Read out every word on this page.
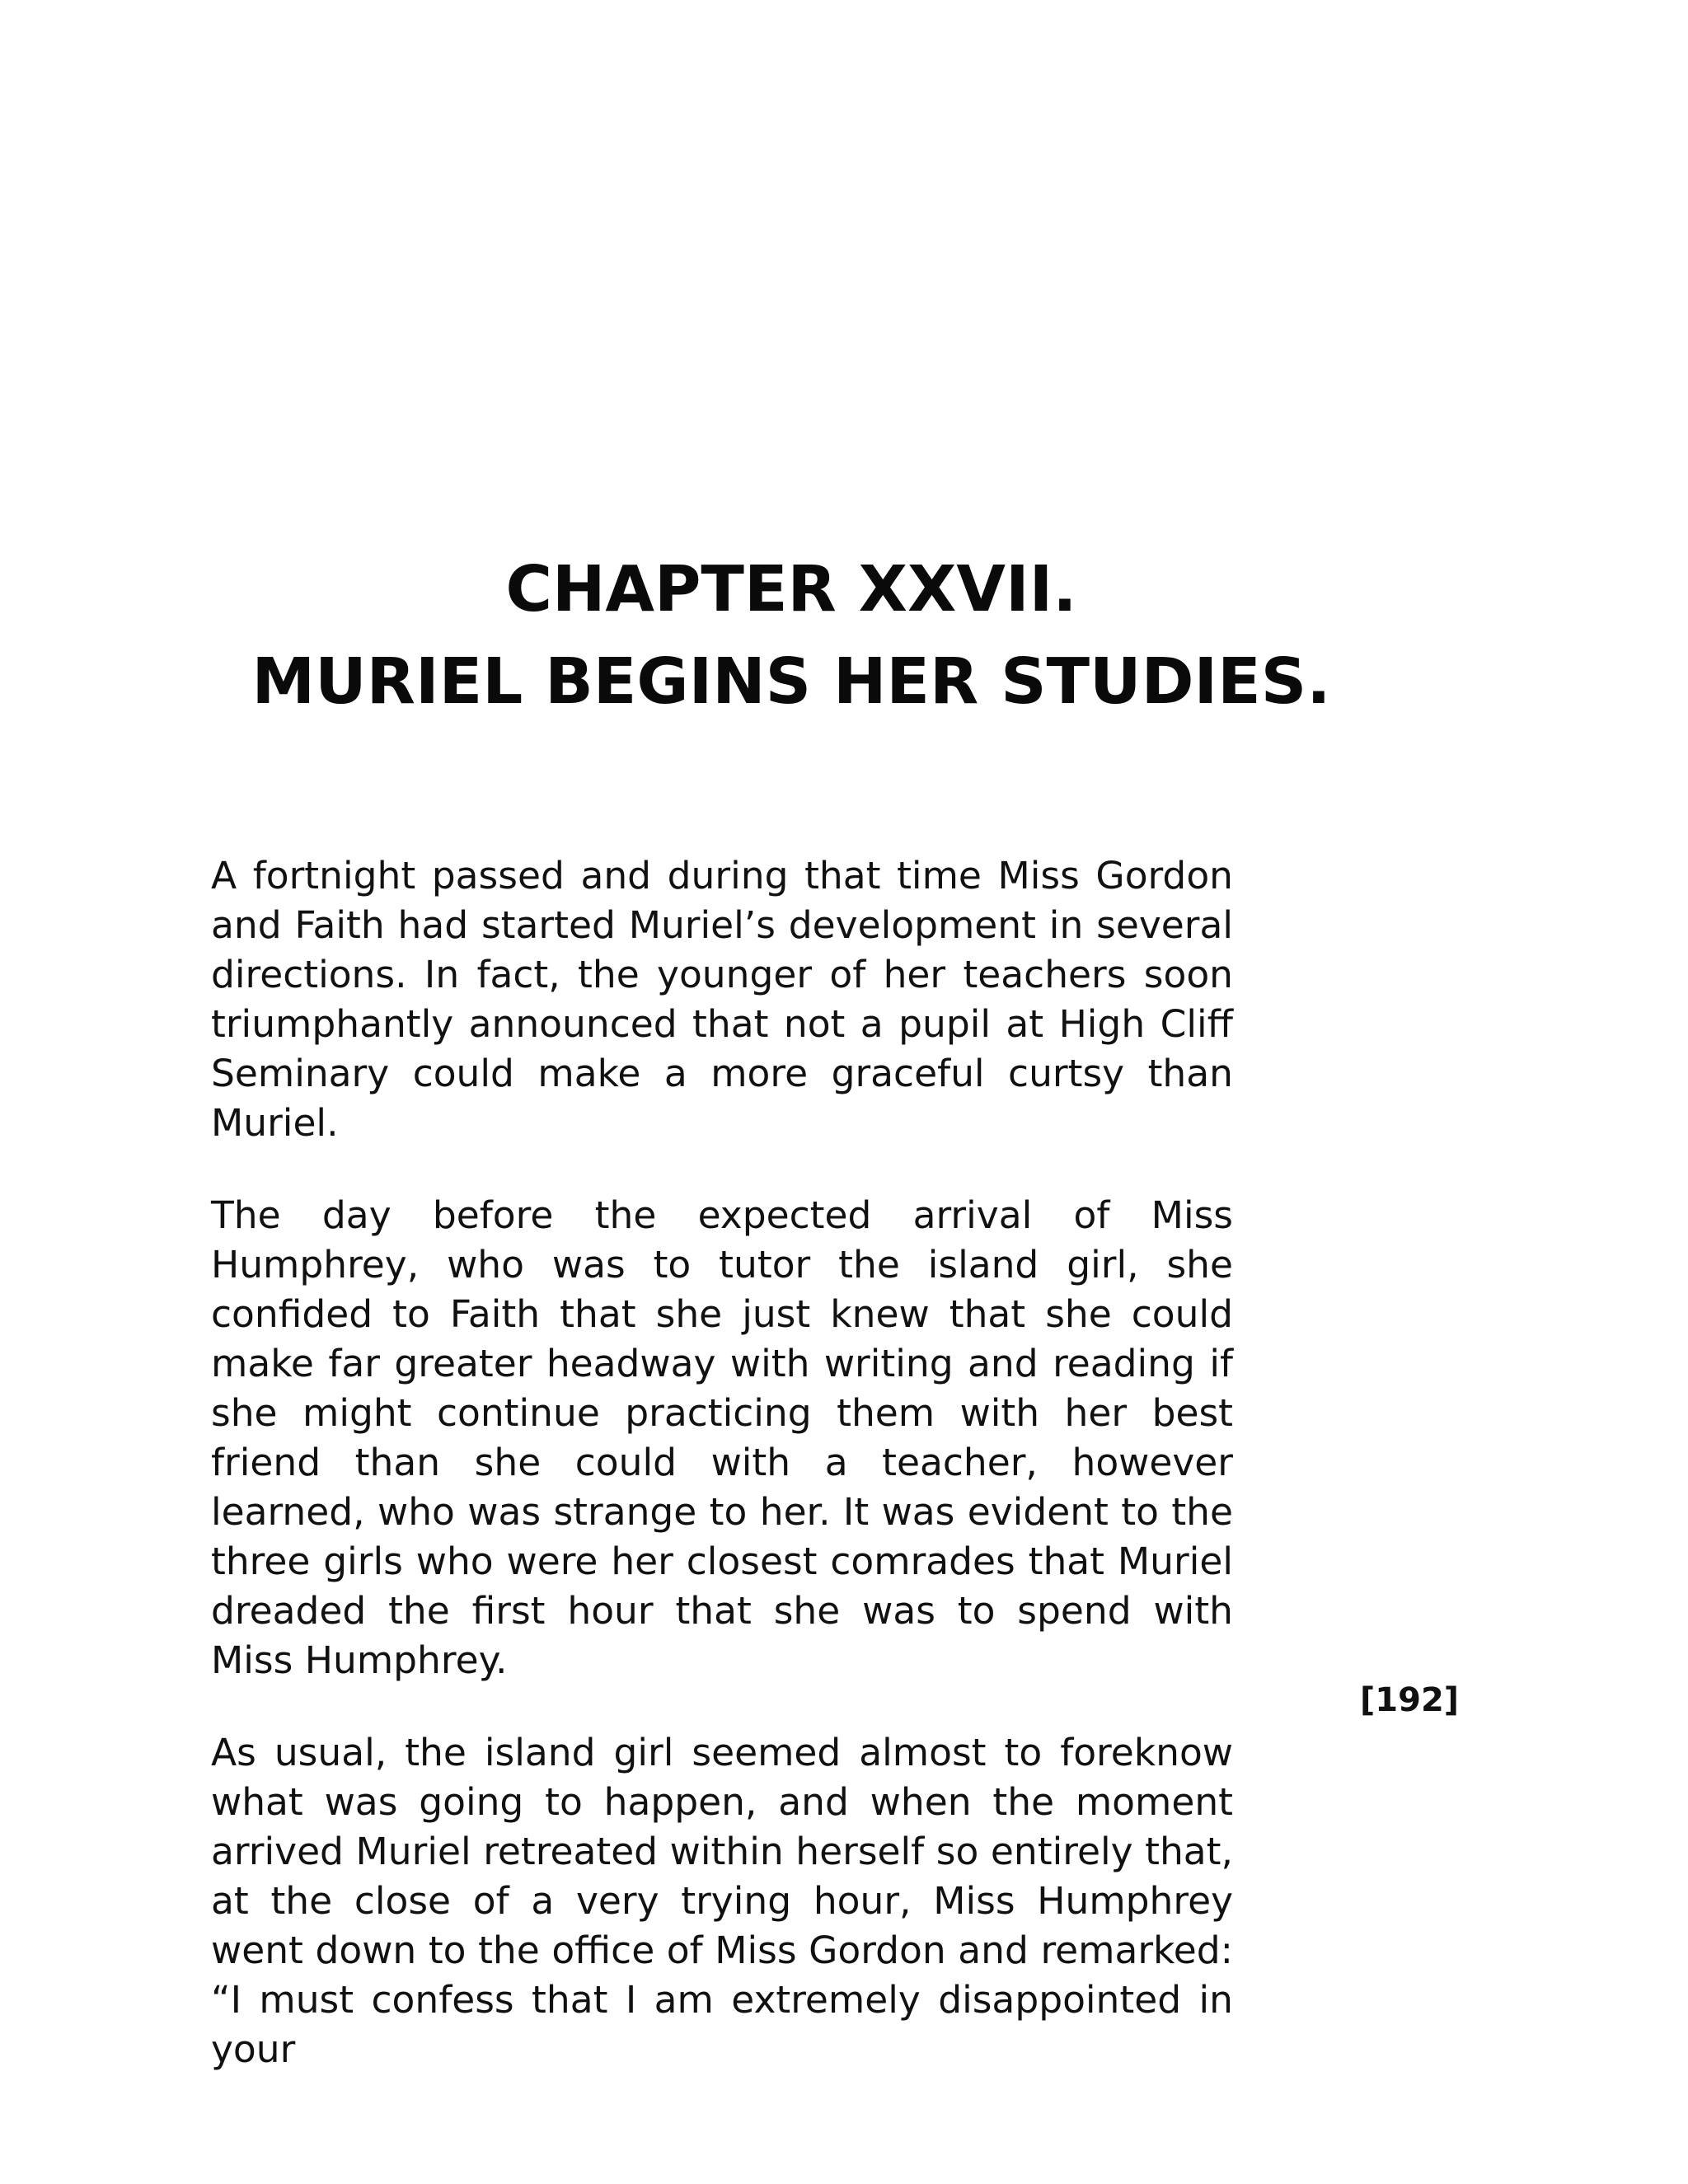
CHAPTER XXVII.
MURIEL BEGINS HER STUDIES.

A fortnight passed and during that time Miss Gordon and Faith had started Muriel’s development in several directions. In fact, the younger of her teachers soon triumphantly announced that not a pupil at High Cliff Seminary could make a more graceful curtsy than Muriel.

The day before the expected arrival of Miss Humphrey, who was to tutor the island girl, she confided to Faith that she just knew that she could make far greater headway with writing and reading if she might continue practicing them with her best friend than she could with a teacher, however learned, who was strange to her. It was evident to the three girls who were her closest comrades that Muriel dreaded the first hour that she was to spend with Miss Humphrey.

As usual, the island girl seemed almost to foreknow what was going to happen, and when the moment arrived Muriel retreated within herself so entirely that, at the close of a very trying hour, Miss Humphrey went down to the office of Miss Gordon and remarked: “I must confess that I am extremely disappointed in your

[192]
